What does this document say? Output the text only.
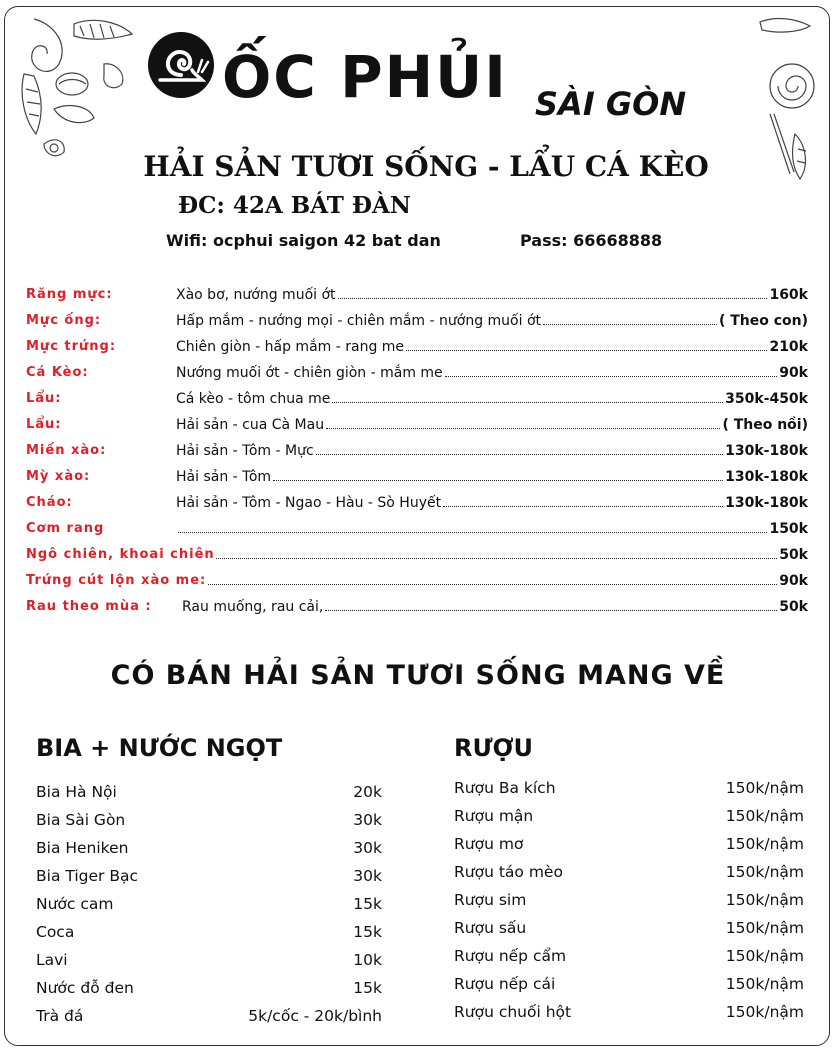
ỐC PHỦI SÀI GÒN
HẢI SẢN TƯƠI SỐNG - LẨU CÁ KÈO
ĐC: 42A BÁT ĐÀN
Wifi: ocphui saigon 42 bat dan	Pass: 66668888
Răng mực:	Xào bơ, nướng muối ớt	160k
Mực ống:	Hấp mắm - nướng mọi - chiên mắm - nướng muối ớt	( Theo con)
Mực trứng:	Chiên giòn - hấp mắm - rang me	210k
Cá Kèo:	Nướng muối ớt - chiên giòn - mắm me	90k
Lẩu:	Cá kèo - tôm chua me	350k-450k
Lẩu:	Hải sản - cua Cà Mau	( Theo nồi)
Miến xào:	Hải sản - Tôm - Mực	130k-180k
Mỳ xào:	Hải sản - Tôm	130k-180k
Cháo:	Hải sản - Tôm - Ngao - Hàu - Sò Huyết	130k-180k
Cơm rang	150k
Ngô chiên, khoai chiên	50k
Trứng cút lộn xào me:	90k
Rau theo mùa : Rau muống, rau cải,	50k
CÓ BÁN HẢI SẢN TƯƠI SỐNG MANG VỀ
BIA + NƯỚC NGỌT
Bia Hà Nội	20k
Bia Sài Gòn	30k
Bia Heniken	30k
Bia Tiger Bạc	30k
Nước cam	15k
Coca	15k
Lavi	10k
Nước đỗ đen	15k
Trà đá	5k/cốc - 20k/bình
RƯỢU
Rượu Ba kích	150k/nậm
Rượu mận	150k/nậm
Rượu mơ	150k/nậm
Rượu táo mèo	150k/nậm
Rượu sim	150k/nậm
Rượu sấu	150k/nậm
Rượu nếp cẩm	150k/nậm
Rượu nếp cái	150k/nậm
Rượu chuối hột	150k/nậm
